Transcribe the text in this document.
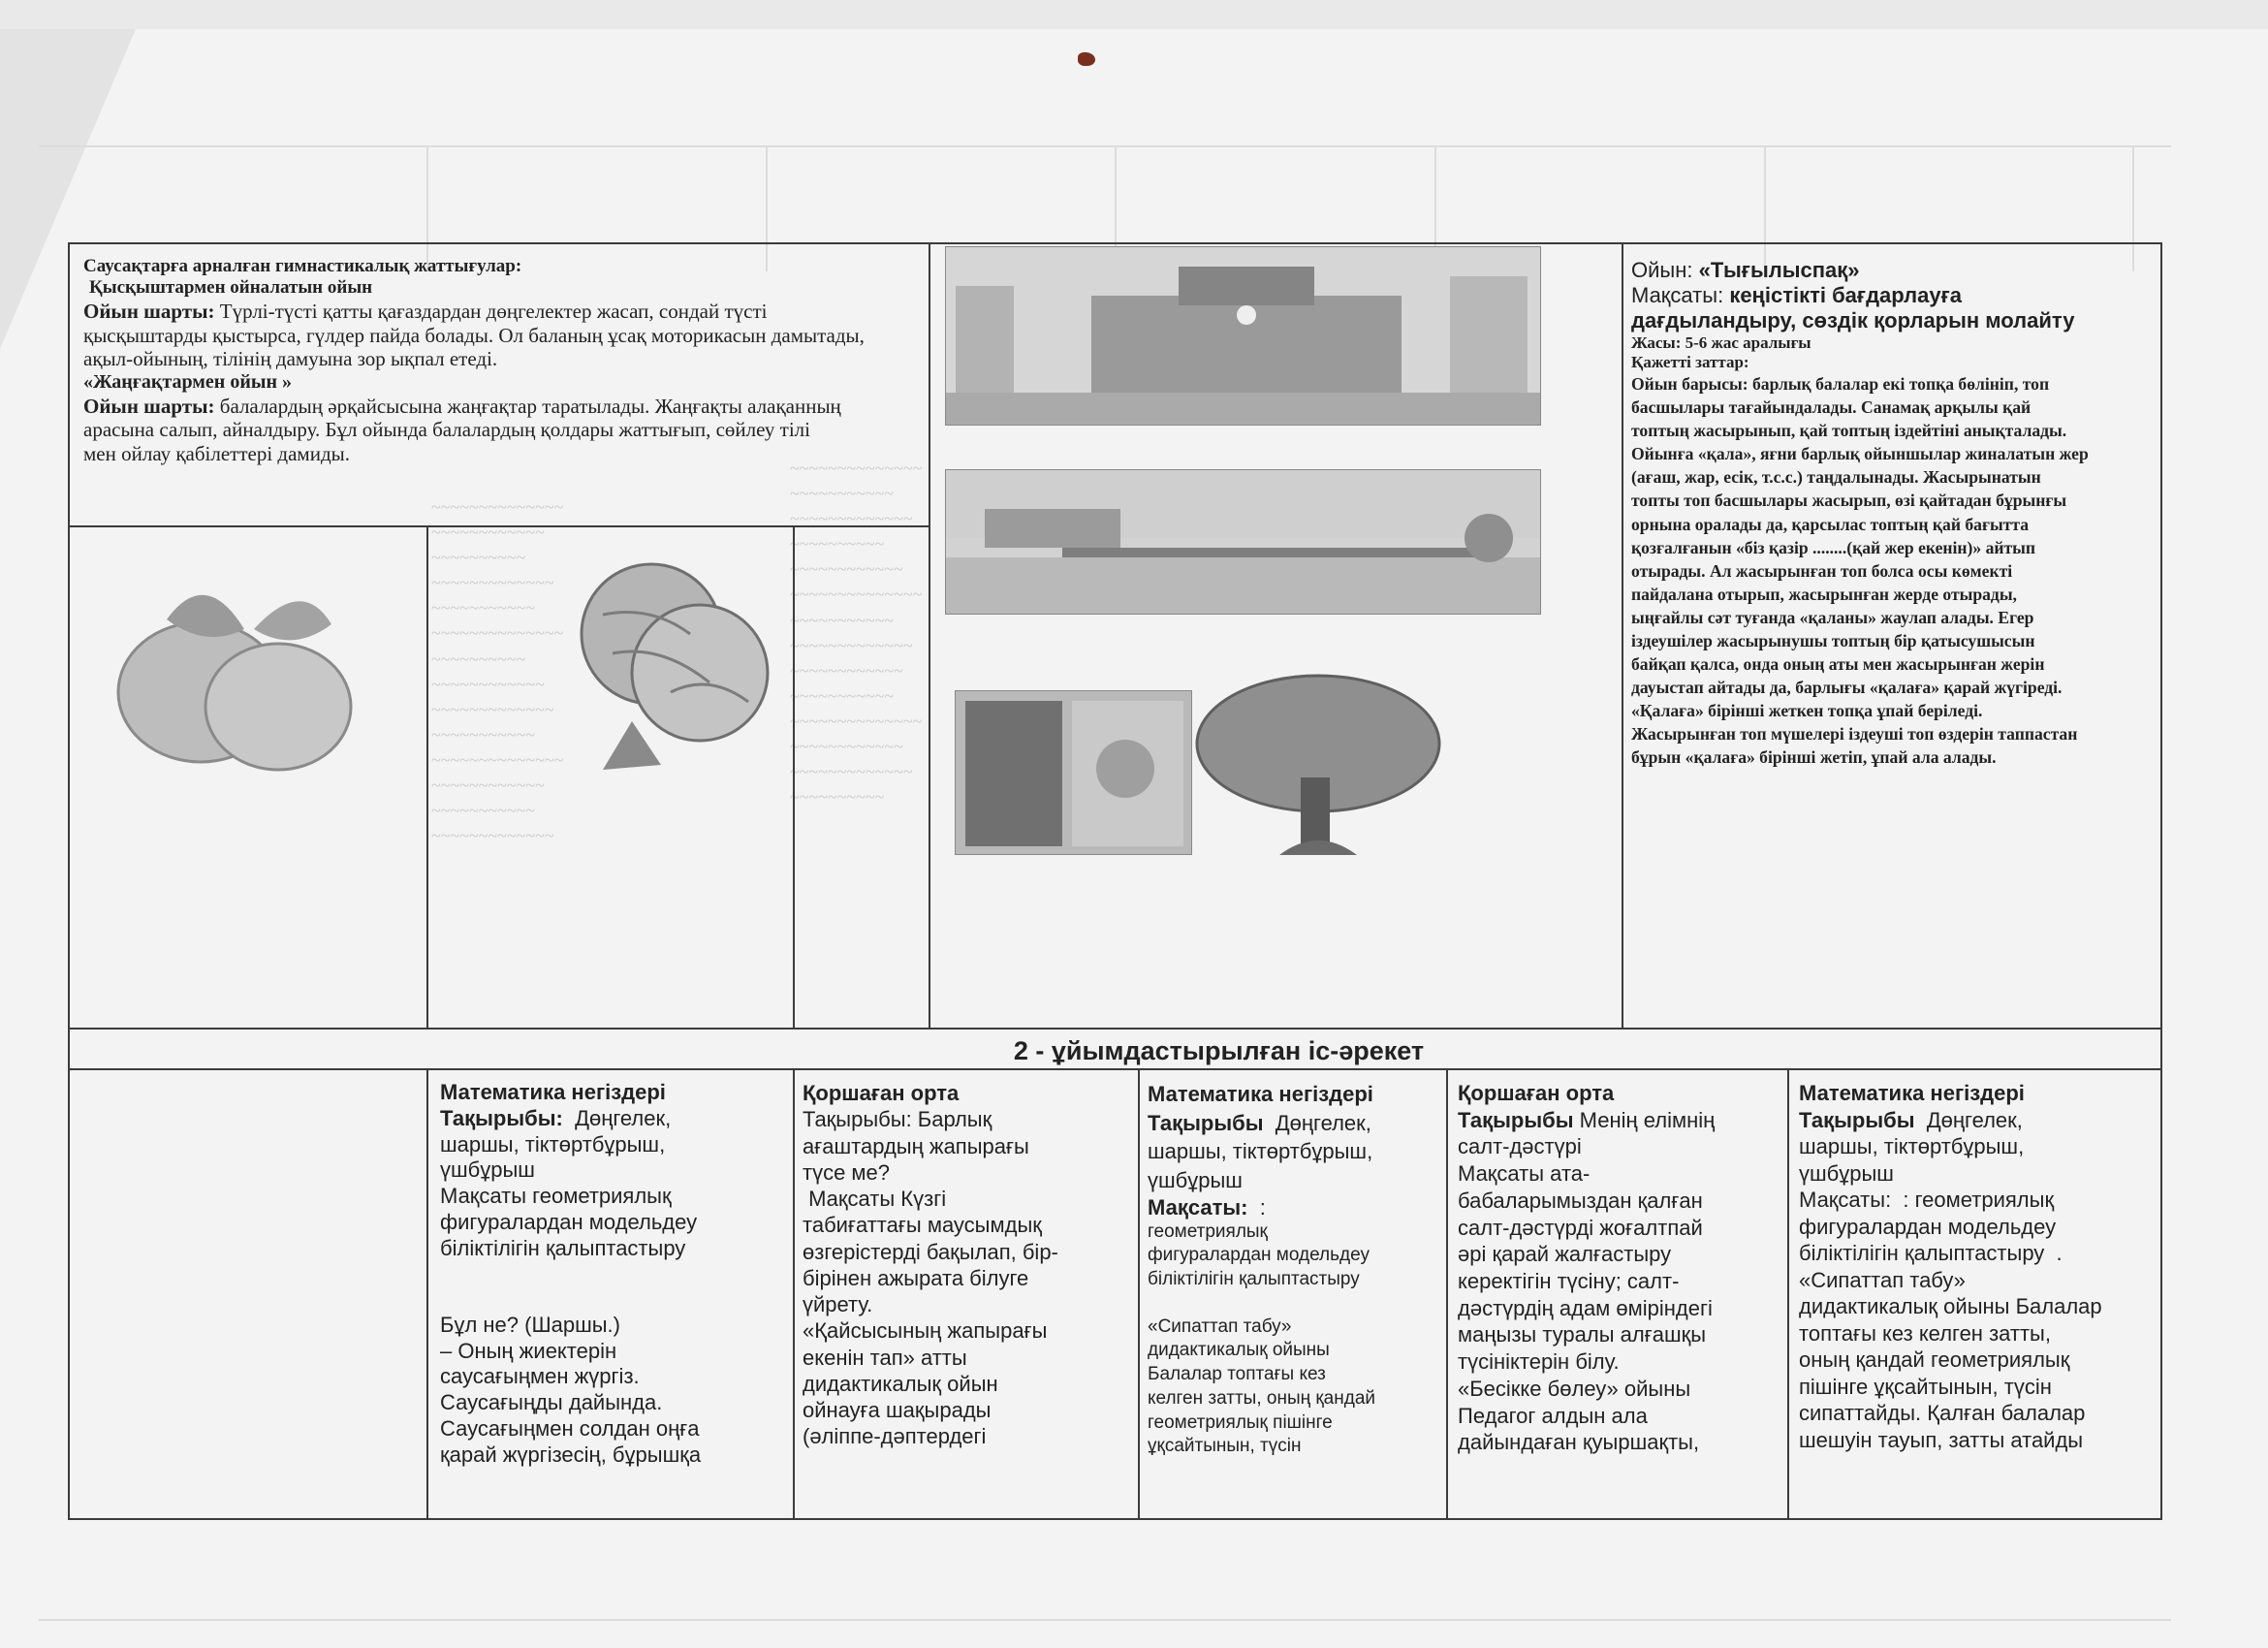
~~~~~~~~~~~~~~
~~~~~~~~~~~~
~~~~~~~~~~
~~~~~~~~~~~~~
~~~~~~~~~~~
~~~~~~~~~~~~~~
~~~~~~~~~~
~~~~~~~~~~~~
~~~~~~~~~~~~~
~~~~~~~~~~~
~~~~~~~~~~~~~~
~~~~~~~~~~~~
~~~~~~~~~~~
~~~~~~~~~~~~~
~~~~~~~~~~~~~~
~~~~~~~~~~~
~~~~~~~~~~~~~
~~~~~~~~~~
~~~~~~~~~~~~
~~~~~~~~~~~~~~
~~~~~~~~~~~
~~~~~~~~~~~~~
~~~~~~~~~~~~
~~~~~~~~~~~
~~~~~~~~~~~~~~
~~~~~~~~~~~~
~~~~~~~~~~~~~
~~~~~~~~~~
Саусақтарға арналған гимнастикалық жаттығулар:
Қысқыштармен ойналатын ойын
Ойын шарты: Түрлі-түсті қатты қағаздардан дөңгелектер жасап, сондай түсті
қысқыштарды қыстырса, гүлдер пайда болады. Ол баланың ұсақ моторикасын дамытады,
ақыл-ойының, тілінің дамуына зор ықпал етеді.
«Жаңғақтармен ойын »
Ойын шарты: балалардың әрқайсысына жаңғақтар таратылады. Жаңғақты алақанның
арасына салып, айналдыру. Бұл ойында балалардың қолдары жаттығып, сөйлеу тілі
мен ойлау қабілеттері дамиды.
Ойын: «Тығылыспақ»
Мақсаты: кеңістікті бағдарлауға
дағдыландыру, сөздік қорларын молайту
Жасы: 5-6 жас аралығы
Қажетті заттар:
Ойын барысы: барлық балалар екі топқа бөлініп, топ
басшылары тағайындалады. Санамақ арқылы қай
топтың жасырынып, қай топтың іздейтіні анықталады.
Ойынға «қала», яғни барлық ойыншылар жиналатын жер
(ағаш, жар, есік, т.с.с.) таңдалынады. Жасырынатын
топты топ басшылары жасырып, өзі қайтадан бұрынғы
орнына оралады да, қарсылас топтың қай бағытта
қозғалғанын «біз қазір ........(қай жер екенін)» айтып
отырады. Ал жасырынған топ болса осы көмекті
пайдалана отырып, жасырынған жерде отырады,
ыңғайлы сәт туғанда «қаланы» жаулап алады. Егер
іздеушілер жасырынушы топтың бір қатысушысын
байқап қалса, онда оның аты мен жасырынған жерін
дауыстап айтады да, барлығы «қалаға» қарай жүгіреді.
«Қалаға» бірінші жеткен топқа ұпай беріледі.
Жасырынған топ мүшелері іздеуші топ өздерін таппастан
бұрын «қалаға» бірінші жетіп, ұпай ала алады.
2 - ұйымдастырылған іс-әрекет
Математика негіздері
Тақырыбы: Дөңгелек,
шаршы, тіктөртбұрыш,
үшбұрыш
Мақсаты геометриялық
фигуралардан модельдеу
біліктілігін қалыптастыру
Бұл не? (Шаршы.)
– Оның жиектерін
саусағыңмен жүргіз.
Саусағыңды дайында.
Саусағыңмен солдан оңға
қарай жүргізесің, бұрышқа
Қоршаған орта
Тақырыбы: Барлық
ағаштардың жапырағы
түсе ме?
Мақсаты Күзгі
табиғаттағы маусымдық
өзгерістерді бақылап, бір-
бірінен ажырата білуге
үйрету.
«Қайсысының жапырағы
екенін тап» атты
дидактикалық ойын
ойнауға шақырады
(әліппе-дәптердегі
Математика негіздері
Тақырыбы Дөңгелек,
шаршы, тіктөртбұрыш,
үшбұрыш
Мақсаты: :
геометриялық
фигуралардан модельдеу
біліктілігін қалыптастыру
«Сипаттап табу»
дидактикалық ойыны
Балалар топтағы кез
келген затты, оның қандай
геометриялық пішінге
ұқсайтынын, түсін
Қоршаған орта
Тақырыбы Менің елімнің
салт-дәстүрі
Мақсаты ата-
бабаларымыздан қалған
салт-дәстүрді жоғалтпай
әрі қарай жалғастыру
керектігін түсіну; салт-
дәстүрдің адам өміріндегі
маңызы туралы алғашқы
түсініктерін білу.
«Бесікке бөлеу» ойыны
Педагог алдын ала
дайындаған қуыршақты,
Математика негіздері
Тақырыбы Дөңгелек,
шаршы, тіктөртбұрыш,
үшбұрыш
Мақсаты:  : геометриялық
фигуралардан модельдеу
біліктілігін қалыптастыру  .
«Сипаттап табу»
дидактикалық ойыны Балалар
топтағы кез келген затты,
оның қандай геометриялық
пішінге ұқсайтынын, түсін
сипаттайды. Қалған балалар
шешуін тауып, затты атайды
